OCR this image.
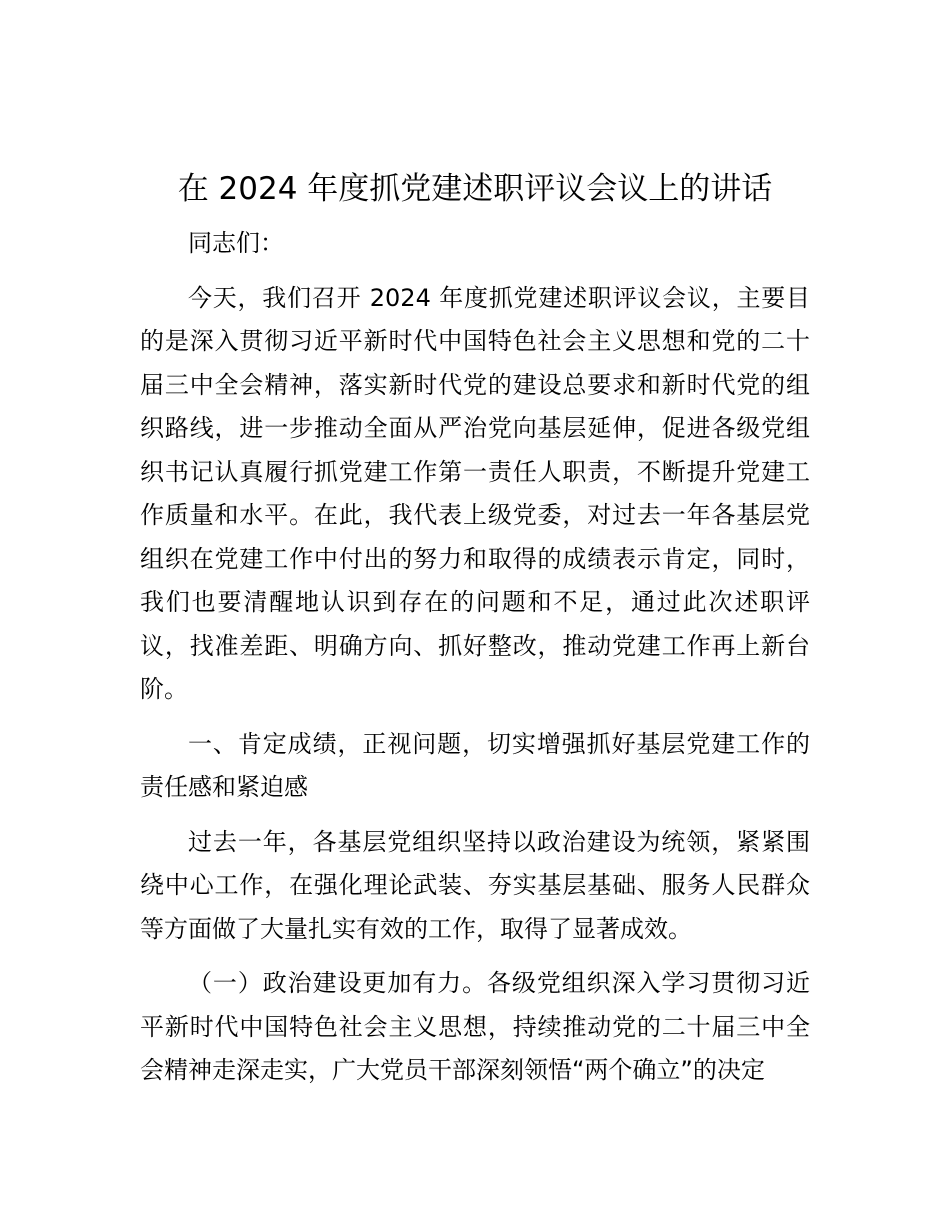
在 2024 年度抓党建述职评议会议上的讲话

同志们：

今天，我们召开 2024 年度抓党建述职评议会议，主要目的是深入贯彻习近平新时代中国特色社会主义思想和党的二十届三中全会精神，落实新时代党的建设总要求和新时代党的组织路线，进一步推动全面从严治党向基层延伸，促进各级党组织书记认真履行抓党建工作第一责任人职责，不断提升党建工作质量和水平。在此，我代表上级党委，对过去一年各基层党组织在党建工作中付出的努力和取得的成绩表示肯定，同时，我们也要清醒地认识到存在的问题和不足，通过此次述职评议，找准差距、明确方向、抓好整改，推动党建工作再上新台阶。

一、肯定成绩，正视问题，切实增强抓好基层党建工作的责任感和紧迫感

过去一年，各基层党组织坚持以政治建设为统领，紧紧围绕中心工作，在强化理论武装、夯实基层基础、服务人民群众等方面做了大量扎实有效的工作，取得了显著成效。

（一）政治建设更加有力。各级党组织深入学习贯彻习近平新时代中国特色社会主义思想，持续推动党的二十届三中全会精神走深走实，广大党员干部深刻领悟“两个确立”的决定
